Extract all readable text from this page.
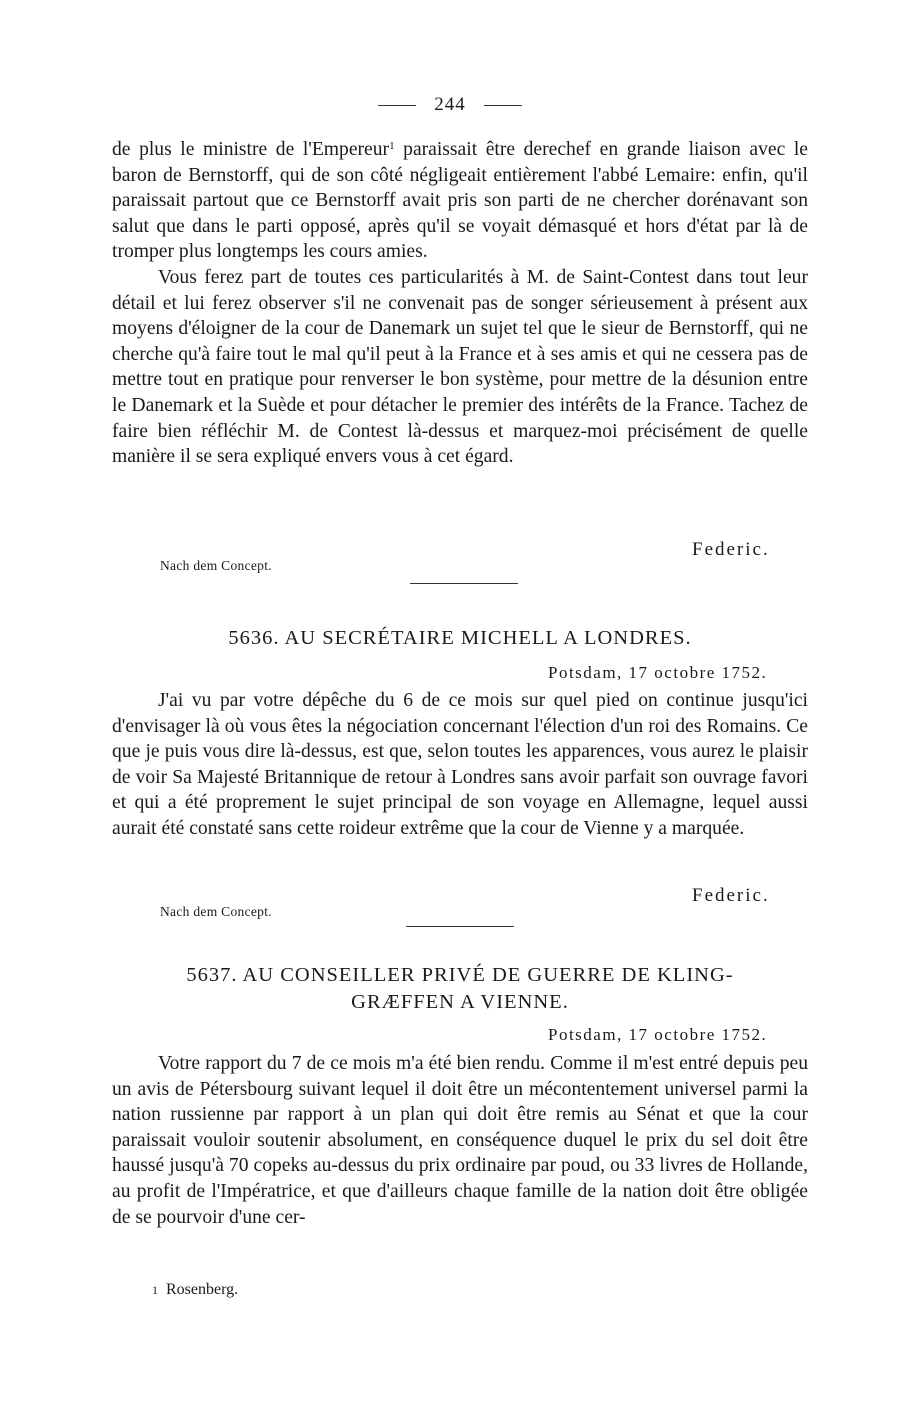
244

de plus le ministre de l'Empereur$^1$ paraissait être derechef en grande liaison avec le baron de Bernstorff, qui de son côté négligeait entièrement l'abbé Lemaire: enfin, qu'il paraissait partout que ce Bernstorff avait pris son parti de ne chercher dorénavant son salut que dans le parti opposé, après qu'il se voyait démasqué et hors d'état par là de tromper plus longtemps les cours amies.

Vous ferez part de toutes ces particularités à M. de Saint-Contest dans tout leur détail et lui ferez observer s'il ne convenait pas de songer sérieusement à présent aux moyens d'éloigner de la cour de Danemark un sujet tel que le sieur de Bernstorff, qui ne cherche qu'à faire tout le mal qu'il peut à la France et à ses amis et qui ne cessera pas de mettre tout en pratique pour renverser le bon système, pour mettre de la désunion entre le Danemark et la Suède et pour détacher le premier des intérêts de la France. Tachez de faire bien réfléchir M. de Contest là-dessus et marquez-moi précisément de quelle manière il se sera expliqué envers vous à cet égard.

Federic.
Nach dem Concept.
5636. AU SECRÉTAIRE MICHELL A LONDRES.
Potsdam, 17 octobre 1752.

J'ai vu par votre dépêche du 6 de ce mois sur quel pied on continue jusqu'ici d'envisager là où vous êtes la négociation concernant l'élection d'un roi des Romains. Ce que je puis vous dire là-dessus, est que, selon toutes les apparences, vous aurez le plaisir de voir Sa Majesté Britannique de retour à Londres sans avoir parfait son ouvrage favori et qui a été proprement le sujet principal de son voyage en Allemagne, lequel aussi aurait été constaté sans cette roideur extrême que la cour de Vienne y a marquée.

Federic.
Nach dem Concept.
5637. AU CONSEILLER PRIVÉ DE GUERRE DE KLING-
GRÆFFEN A VIENNE.
Potsdam, 17 octobre 1752.

Votre rapport du 7 de ce mois m'a été bien rendu. Comme il m'est entré depuis peu un avis de Pétersbourg suivant lequel il doit être un mécontentement universel parmi la nation russienne par rapport à un plan qui doit être remis au Sénat et que la cour paraissait vouloir soutenir absolument, en conséquence duquel le prix du sel doit être haussé jusqu'à 70 copeks au-dessus du prix ordinaire par poud, ou 33 livres de Hollande, au profit de l'Impératrice, et que d'ailleurs chaque famille de la nation doit être obligée de se pourvoir d'une cer-

1 Rosenberg.
